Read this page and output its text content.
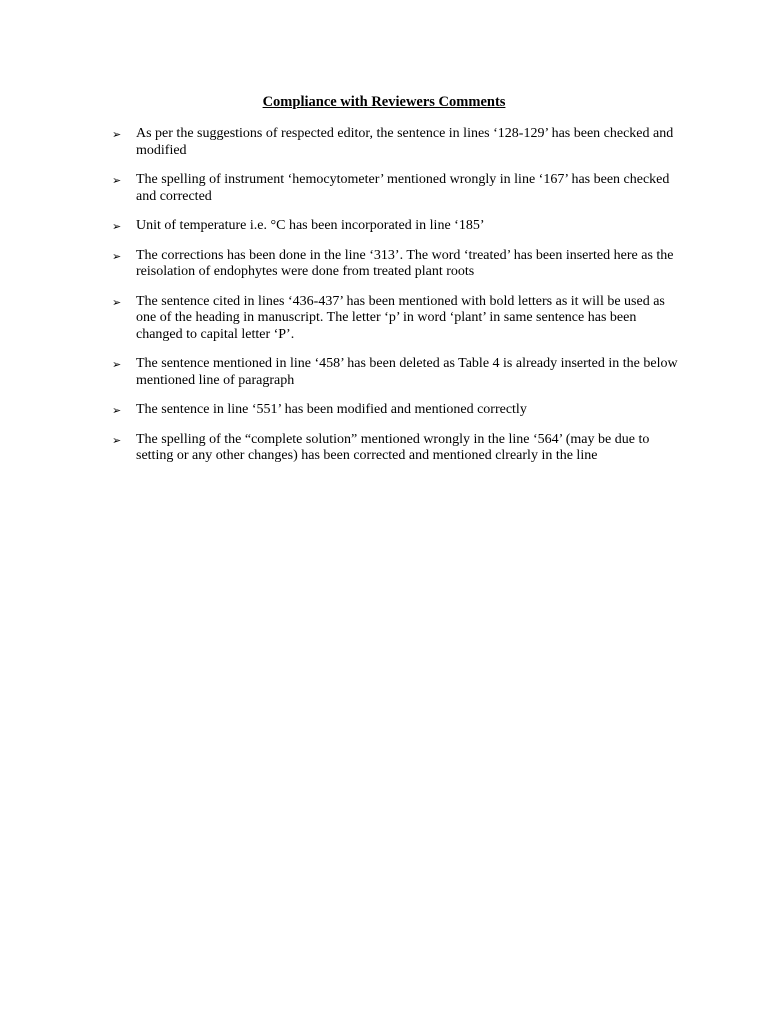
Compliance with Reviewers Comments
➢ As per the suggestions of respected editor, the sentence in lines ‘128-129’ has been checked and modified
➢ The spelling of instrument ‘hemocytometer’ mentioned wrongly in line ‘167’ has been checked and corrected
➢ Unit of temperature i.e. °C has been incorporated in line ‘185’
➢ The corrections has been done in the line ‘313’. The word ‘treated’ has been inserted here as the reisolation of endophytes were done from treated plant roots
➢ The sentence cited in lines ‘436-437’ has been mentioned with bold letters as it will be used as one of the heading in manuscript. The letter ‘p’ in word ‘plant’ in same sentence has been changed to capital letter ‘P’.
➢ The sentence mentioned in line ‘458’ has been deleted as Table 4 is already inserted in the below mentioned line of paragraph
➢ The sentence in line ‘551’ has been modified and mentioned correctly
➢ The spelling of the “complete solution” mentioned wrongly in the line ‘564’ (may be due to setting or any other changes) has been corrected and mentioned clrearly in the line
